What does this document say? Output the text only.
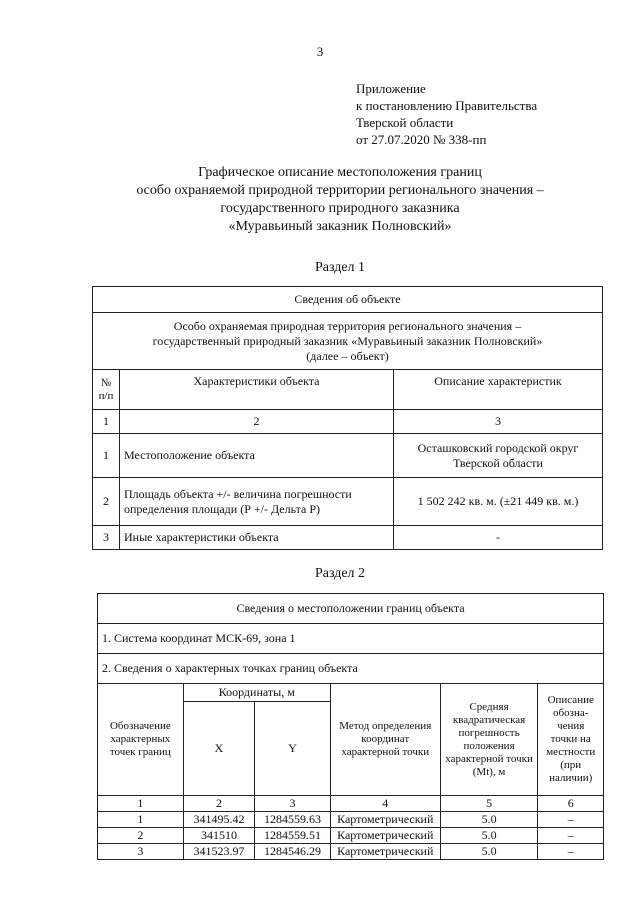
3
Приложение
к постановлению Правительства
Тверской области
от 27.07.2020 № 338-пп
Графическое описание местоположения границ
особо охраняемой природной территории регионального значения –
государственного природного заказника
«Муравьиный заказник Полновский»
Раздел 1
Сведения об объекте		

Особо охраняемая природная территория регионального значения –
государственный природный заказник «Муравьиный заказник Полновский»
(далее – объект)		

№ п/п	Характеристики объекта	Описание характеристик
1	2	3
1	Местоположение объекта	Осташковский городской округ Тверской области
2	Площадь объекта +/- величина погрешности определения площади (Р +/- Дельта Р)	1 502 242 кв. м. (±21 449 кв. м.)
3	Иные характеристики объекта	-
Раздел 2
Сведения о местоположении границ объекта					
1. Система координат МСК-69, зона 1					
2. Сведения о характерных точках границ объекта					
Обозначение характерных точек границ	Координаты, м		Метод определения координат характерной точки	Средняя квадратическая погрешность положения характерной точки (Mt), м	Описание обозна-чения точки на местности (при наличии)
	X	Y			
1	2	3	4	5	6
1	341495.42	1284559.63	Картометрический	5.0	–
2	341510	1284559.51	Картометрический	5.0	–
3	341523.97	1284546.29	Картометрический	5.0	–
